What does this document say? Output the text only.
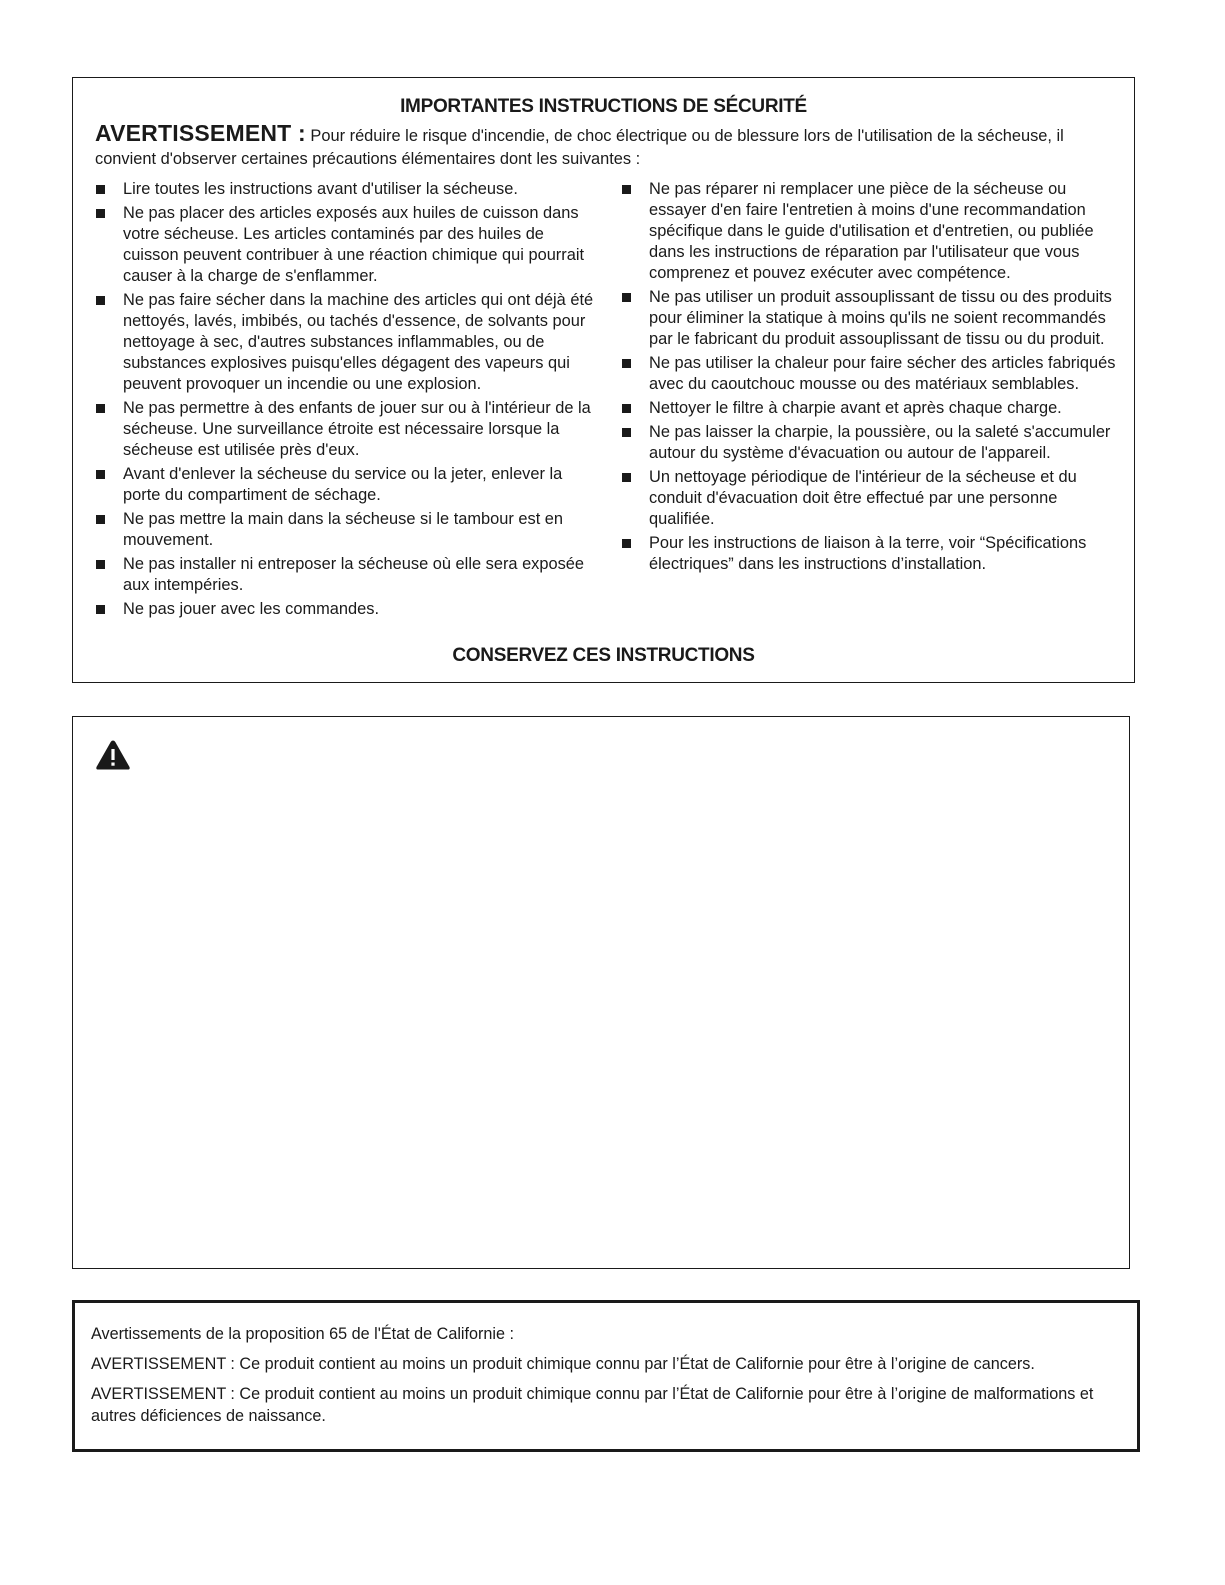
IMPORTANTES INSTRUCTIONS DE SÉCURITÉ
AVERTISSEMENT : Pour réduire le risque d'incendie, de choc électrique ou de blessure lors de l'utilisation de la sécheuse, il convient d'observer certaines précautions élémentaires dont les suivantes :
Lire toutes les instructions avant d'utiliser la sécheuse.
Ne pas placer des articles exposés aux huiles de cuisson dans votre sécheuse. Les articles contaminés par des huiles de cuisson peuvent contribuer à une réaction chimique qui pourrait causer à la charge de s'enflammer.
Ne pas faire sécher dans la machine des articles qui ont déjà été nettoyés, lavés, imbibés, ou tachés d'essence, de solvants pour nettoyage à sec, d'autres substances inflammables, ou de substances explosives puisqu'elles dégagent des vapeurs qui peuvent provoquer un incendie ou une explosion.
Ne pas permettre à des enfants de jouer sur ou à l'intérieur de la sécheuse. Une surveillance étroite est nécessaire lorsque la sécheuse est utilisée près d'eux.
Avant d'enlever la sécheuse du service ou la jeter, enlever la porte du compartiment de séchage.
Ne pas mettre la main dans la sécheuse si le tambour est en mouvement.
Ne pas installer ni entreposer la sécheuse où elle sera exposée aux intempéries.
Ne pas jouer avec les commandes.
Ne pas réparer ni remplacer une pièce de la sécheuse ou essayer d'en faire l'entretien à moins d'une recommandation spécifique dans le guide d'utilisation et d'entretien, ou publiée dans les instructions de réparation par l'utilisateur que vous comprenez et pouvez exécuter avec compétence.
Ne pas utiliser un produit assouplissant de tissu ou des produits pour éliminer la statique à moins qu'ils ne soient recommandés par le fabricant du produit assouplissant de tissu ou du produit.
Ne pas utiliser la chaleur pour faire sécher des articles fabriqués avec du caoutchouc mousse ou des matériaux semblables.
Nettoyer le filtre à charpie avant et après chaque charge.
Ne pas laisser la charpie, la poussière, ou la saleté s'accumuler autour du système d'évacuation ou autour de l'appareil.
Un nettoyage périodique de l'intérieur de la sécheuse et du conduit d'évacuation doit être effectué par une personne qualifiée.
Pour les instructions de liaison à la terre, voir “Spécifications électriques” dans les instructions d’installation.
CONSERVEZ CES INSTRUCTIONS

Avertissements de la proposition 65 de l'État de Californie :

AVERTISSEMENT : Ce produit contient au moins un produit chimique connu par l’État de Californie pour être à l’origine de cancers.

AVERTISSEMENT : Ce produit contient au moins un produit chimique connu par l’État de Californie pour être à l’origine de malformations et autres déficiences de naissance.
